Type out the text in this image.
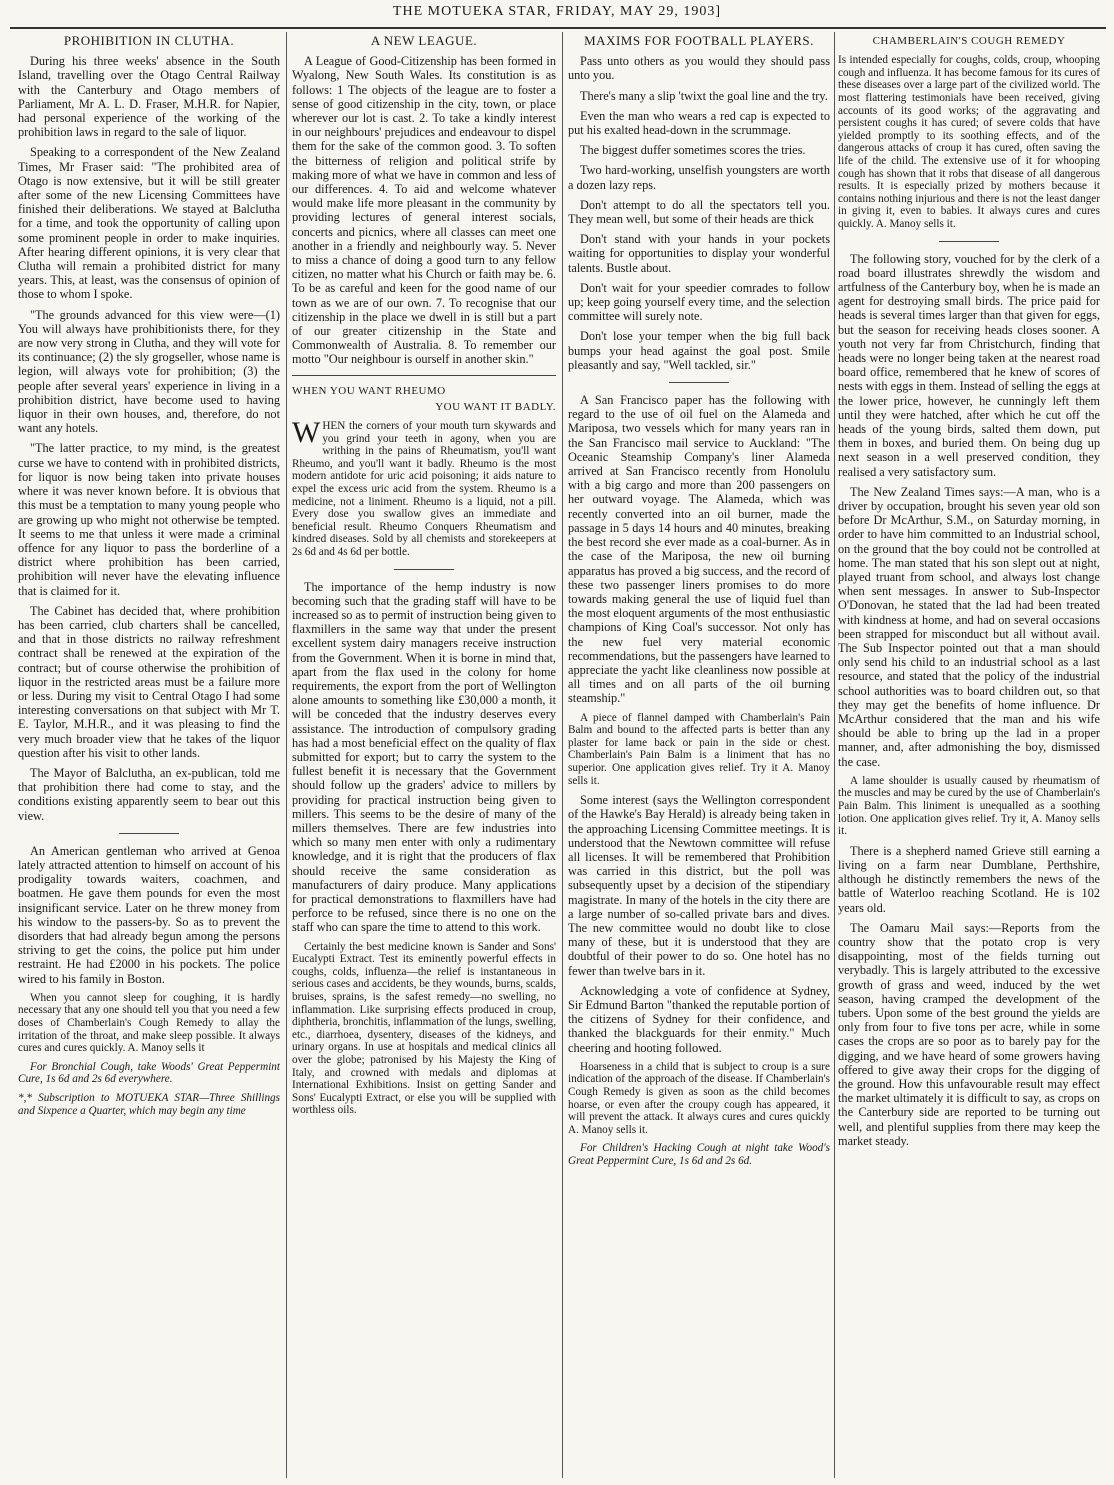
THE MOTUEKA STAR, FRIDAY, MAY 29, 1903]
PROHIBITION IN CLUTHA.

During his three weeks' absence in the South Island, travelling over the Otago Central Railway with the Canterbury and Otago members of Parliament, Mr A. L. D. Fraser, M.H.R. for Napier, had personal experience of the working of the prohibition laws in regard to the sale of liquor.

Speaking to a correspondent of the New Zealand Times, Mr Fraser said: "The prohibited area of Otago is now extensive, but it will be still greater after some of the new Licensing Committees have finished their deliberations. We stayed at Balclutha for a time, and took the opportunity of calling upon some prominent people in order to make inquiries. After hearing different opinions, it is very clear that Clutha will remain a prohibited district for many years. This, at least, was the consensus of opinion of those to whom I spoke.

"The grounds advanced for this view were—(1) You will always have prohibitionists there, for they are now very strong in Clutha, and they will vote for its continuance; (2) the sly grogseller, whose name is legion, will always vote for prohibition; (3) the people after several years' experience in living in a prohibition district, have become used to having liquor in their own houses, and, therefore, do not want any hotels.

"The latter practice, to my mind, is the greatest curse we have to contend with in prohibited districts, for liquor is now being taken into private houses where it was never known before. It is obvious that this must be a temptation to many young people who are growing up who might not otherwise be tempted. It seems to me that unless it were made a criminal offence for any liquor to pass the borderline of a district where prohibition has been carried, prohibition will never have the elevating influence that is claimed for it.

The Cabinet has decided that, where prohibition has been carried, club charters shall be cancelled, and that in those districts no railway refreshment contract shall be renewed at the expiration of the contract; but of course otherwise the prohibition of liquor in the restricted areas must be a failure more or less. During my visit to Central Otago I had some interesting conversations on that subject with Mr T. E. Taylor, M.H.R., and it was pleasing to find the very much broader view that he takes of the liquor question after his visit to other lands.

The Mayor of Balclutha, an ex-publican, told me that prohibition there had come to stay, and the conditions existing apparently seem to bear out this view.

An American gentleman who arrived at Genoa lately attracted attention to himself on account of his prodigality towards waiters, coachmen, and boatmen. He gave them pounds for even the most insignificant service. Later on he threw money from his window to the passers-by. So as to prevent the disorders that had already begun among the persons striving to get the coins, the police put him under restraint. He had £2000 in his pockets. The police wired to his family in Boston.

When you cannot sleep for coughing, it is hardly necessary that any one should tell you that you need a few doses of Chamberlain's Cough Remedy to allay the irritation of the throat, and make sleep possible. It always cures and cures quickly. A. Manoy sells it

For Bronchial Cough, take Woods' Great Peppermint Cure, 1s 6d and 2s 6d everywhere.

*,* Subscription to MOTUEKA STAR—Three Shillings and Sixpence a Quarter, which may begin any time

A NEW LEAGUE.

A League of Good-Citizenship has been formed in Wyalong, New South Wales. Its constitution is as follows: 1 The objects of the league are to foster a sense of good citizenship in the city, town, or place wherever our lot is cast. 2. To take a kindly interest in our neighbours' prejudices and endeavour to dispel them for the sake of the common good. 3. To soften the bitterness of religion and political strife by making more of what we have in common and less of our differences. 4. To aid and welcome whatever would make life more pleasant in the community by providing lectures of general interest socials, concerts and picnics, where all classes can meet one another in a friendly and neighbourly way. 5. Never to miss a chance of doing a good turn to any fellow citizen, no matter what his Church or faith may be. 6. To be as careful and keen for the good name of our town as we are of our own. 7. To recognise that our citizenship in the place we dwell in is still but a part of our greater citizenship in the State and Commonwealth of Australia. 8. To remember our motto "Our neighbour is ourself in another skin."

WHEN YOU WANT RHEUMO
YOU WANT IT BADLY.

WHEN the corners of your mouth turn skywards and you grind your teeth in agony, when you are writhing in the pains of Rheumatism, you'll want Rheumo, and you'll want it badly. Rheumo is the most modern antidote for uric acid poisoning; it aids nature to expel the excess uric acid from the system. Rheumo is a medicine, not a liniment. Rheumo is a liquid, not a pill. Every dose you swallow gives an immediate and beneficial result. Rheumo Conquers Rheumatism and kindred diseases. Sold by all chemists and storekeepers at 2s 6d and 4s 6d per bottle.

The importance of the hemp industry is now becoming such that the grading staff will have to be increased so as to permit of instruction being given to flaxmillers in the same way that under the present excellent system dairy managers receive instruction from the Government. When it is borne in mind that, apart from the flax used in the colony for home requirements, the export from the port of Wellington alone amounts to something like £30,000 a month, it will be conceded that the industry deserves every assistance. The introduction of compulsory grading has had a most beneficial effect on the quality of flax submitted for export; but to carry the system to the fullest benefit it is necessary that the Government should follow up the graders' advice to millers by providing for practical instruction being given to millers. This seems to be the desire of many of the millers themselves. There are few industries into which so many men enter with only a rudimentary knowledge, and it is right that the producers of flax should receive the same consideration as manufacturers of dairy produce. Many applications for practical demonstrations to flaxmillers have had perforce to be refused, since there is no one on the staff who can spare the time to attend to this work.

Certainly the best medicine known is Sander and Sons' Eucalypti Extract. Test its eminently powerful effects in coughs, colds, influenza—the relief is instantaneous in serious cases and accidents, be they wounds, burns, scalds, bruises, sprains, is the safest remedy—no swelling, no inflammation. Like surprising effects produced in croup, diphtheria, bronchitis, inflammation of the lungs, swelling, etc., diarrhoea, dysentery, diseases of the kidneys, and urinary organs. In use at hospitals and medical clinics all over the globe; patronised by his Majesty the King of Italy, and crowned with medals and diplomas at International Exhibitions. Insist on getting Sander and Sons' Eucalypti Extract, or else you will be supplied with worthless oils.

MAXIMS FOR FOOTBALL PLAYERS.

Pass unto others as you would they should pass unto you.

There's many a slip 'twixt the goal line and the try.

Even the man who wears a red cap is expected to put his exalted head-down in the scrummage.

The biggest duffer sometimes scores the tries.

Two hard-working, unselfish youngsters are worth a dozen lazy reps.

Don't attempt to do all the spectators tell you. They mean well, but some of their heads are thick

Don't stand with your hands in your pockets waiting for opportunities to display your wonderful talents. Bustle about.

Don't wait for your speedier comrades to follow up; keep going yourself every time, and the selection committee will surely note.

Don't lose your temper when the big full back bumps your head against the goal post. Smile pleasantly and say, "Well tackled, sir."

A San Francisco paper has the following with regard to the use of oil fuel on the Alameda and Mariposa, two vessels which for many years ran in the San Francisco mail service to Auckland: "The Oceanic Steamship Company's liner Alameda arrived at San Francisco recently from Honolulu with a big cargo and more than 200 passengers on her outward voyage. The Alameda, which was recently converted into an oil burner, made the passage in 5 days 14 hours and 40 minutes, breaking the best record she ever made as a coal-burner. As in the case of the Mariposa, the new oil burning apparatus has proved a big success, and the record of these two passenger liners promises to do more towards making general the use of liquid fuel than the most eloquent arguments of the most enthusiastic champions of King Coal's successor. Not only has the new fuel very material economic recommendations, but the passengers have learned to appreciate the yacht like cleanliness now possible at all times and on all parts of the oil burning steamship."

A piece of flannel damped with Chamberlain's Pain Balm and bound to the affected parts is better than any plaster for lame back or pain in the side or chest. Chamberlain's Pain Balm is a liniment that has no superior. One application gives relief. Try it A. Manoy sells it.

Some interest (says the Wellington correspondent of the Hawke's Bay Herald) is already being taken in the approaching Licensing Committee meetings. It is understood that the Newtown committee will refuse all licenses. It will be remembered that Prohibition was carried in this district, but the poll was subsequently upset by a decision of the stipendiary magistrate. In many of the hotels in the city there are a large number of so-called private bars and dives. The new committee would no doubt like to close many of these, but it is understood that they are doubtful of their power to do so. One hotel has no fewer than twelve bars in it.

Acknowledging a vote of confidence at Sydney, Sir Edmund Barton "thanked the reputable portion of the citizens of Sydney for their confidence, and thanked the blackguards for their enmity." Much cheering and hooting followed.

Hoarseness in a child that is subject to croup is a sure indication of the approach of the disease. If Chamberlain's Cough Remedy is given as soon as the child becomes hoarse, or even after the croupy cough has appeared, it will prevent the attack. It always cures and cures quickly A. Manoy sells it.

For Children's Hacking Cough at night take Wood's Great Peppermint Cure, 1s 6d and 2s 6d.

CHAMBERLAIN'S COUGH REMEDY

Is intended especially for coughs, colds, croup, whooping cough and influenza. It has become famous for its cures of these diseases over a large part of the civilized world. The most flattering testimonials have been received, giving accounts of its good works; of the aggravating and persistent coughs it has cured; of severe colds that have yielded promptly to its soothing effects, and of the dangerous attacks of croup it has cured, often saving the life of the child. The extensive use of it for whooping cough has shown that it robs that disease of all dangerous results. It is especially prized by mothers because it contains nothing injurious and there is not the least danger in giving it, even to babies. It always cures and cures quickly. A. Manoy sells it.

The following story, vouched for by the clerk of a road board illustrates shrewdly the wisdom and artfulness of the Canterbury boy, when he is made an agent for destroying small birds. The price paid for heads is several times larger than that given for eggs, but the season for receiving heads closes sooner. A youth not very far from Christchurch, finding that heads were no longer being taken at the nearest road board office, remembered that he knew of scores of nests with eggs in them. Instead of selling the eggs at the lower price, however, he cunningly left them until they were hatched, after which he cut off the heads of the young birds, salted them down, put them in boxes, and buried them. On being dug up next season in a well preserved condition, they realised a very satisfactory sum.

The New Zealand Times says:—A man, who is a driver by occupation, brought his seven year old son before Dr McArthur, S.M., on Saturday morning, in order to have him committed to an Industrial school, on the ground that the boy could not be controlled at home. The man stated that his son slept out at night, played truant from school, and always lost change when sent messages. In answer to Sub-Inspector O'Donovan, he stated that the lad had been treated with kindness at home, and had on several occasions been strapped for misconduct but all without avail. The Sub Inspector pointed out that a man should only send his child to an industrial school as a last resource, and stated that the policy of the industrial school authorities was to board children out, so that they may get the benefits of home influence. Dr McArthur considered that the man and his wife should be able to bring up the lad in a proper manner, and, after admonishing the boy, dismissed the case.

A lame shoulder is usually caused by rheumatism of the muscles and may be cured by the use of Chamberlain's Pain Balm. This liniment is unequalled as a soothing lotion. One application gives relief. Try it, A. Manoy sells it.

There is a shepherd named Grieve still earning a living on a farm near Dumblane, Perthshire, although he distinctly remembers the news of the battle of Waterloo reaching Scotland. He is 102 years old.

The Oamaru Mail says:—Reports from the country show that the potato crop is very disappointing, most of the fields turning out verybadly. This is largely attributed to the excessive growth of grass and weed, induced by the wet season, having cramped the development of the tubers. Upon some of the best ground the yields are only from four to five tons per acre, while in some cases the crops are so poor as to barely pay for the digging, and we have heard of some growers having offered to give away their crops for the digging of the ground. How this unfavourable result may effect the market ultimately it is difficult to say, as crops on the Canterbury side are reported to be turning out well, and plentiful supplies from there may keep the market steady.
